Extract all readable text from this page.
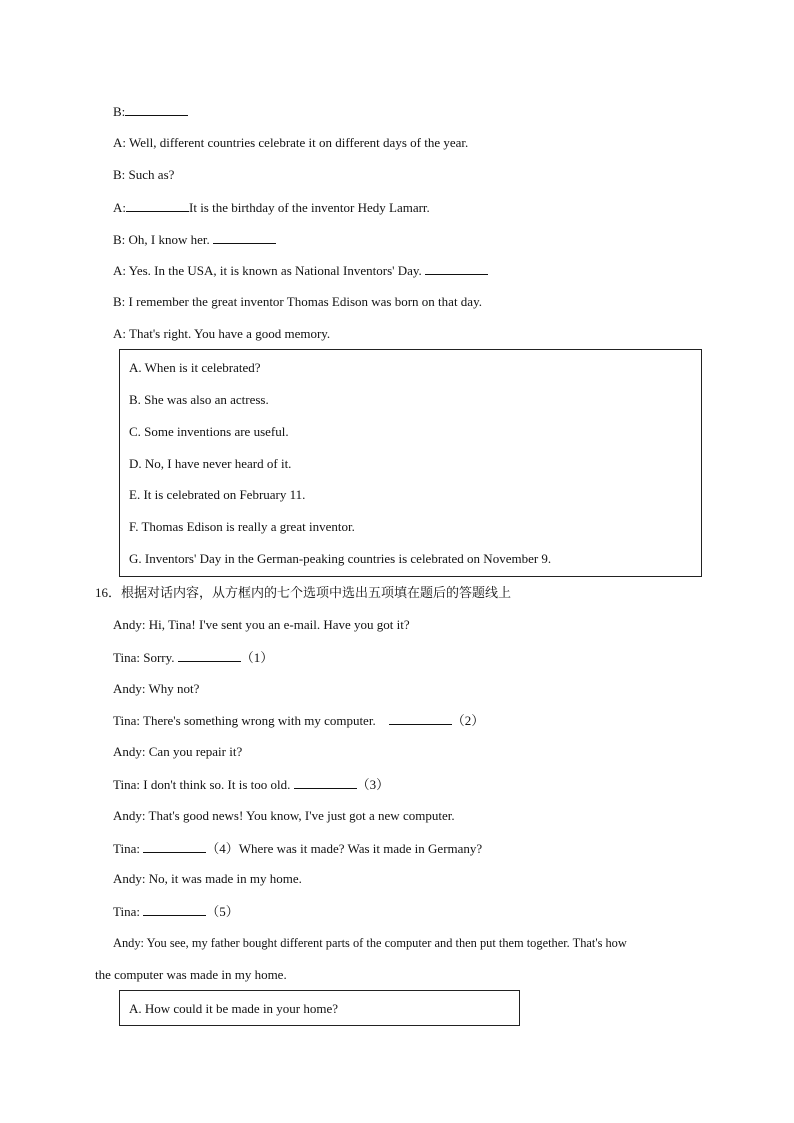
B:
A: Well, different countries celebrate it on different days of the year.
B: Such as?
A:	It is the birthday of the inventor Hedy Lamarr.
B: Oh, I know her.
A: Yes. In the USA, it is known as National Inventors' Day.
B: I remember the great inventor Thomas Edison was born on that day.
A: That's right. You have a good memory.
A. When is it celebrated?
B. She was also an actress.
C. Some inventions are useful.
D. No, I have never heard of it.
E. It is celebrated on February 11.
F. Thomas Edison is really a great inventor.
G. Inventors' Day in the German-peaking countries is celebrated on November 9.
16．根据对话内容，从方框内的七个选项中选出五项填在题后的答题线上
Andy: Hi, Tina! I've sent you an e-mail. Have you got it?
Tina: Sorry.	（1）
Andy: Why not?
Tina: There's something wrong with my computer.	（2）
Andy: Can you repair it?
Tina: I don't think so. It is too old.	（3）
Andy: That's good news! You know, I've just got a new computer.
Tina:	（4）Where was it made? Was it made in Germany?
Andy: No, it was made in my home.
Tina:	（5）
Andy: You see, my father bought different parts of the computer and then put them together. That's how
the computer was made in my home.
A. How could it be made in your home?
